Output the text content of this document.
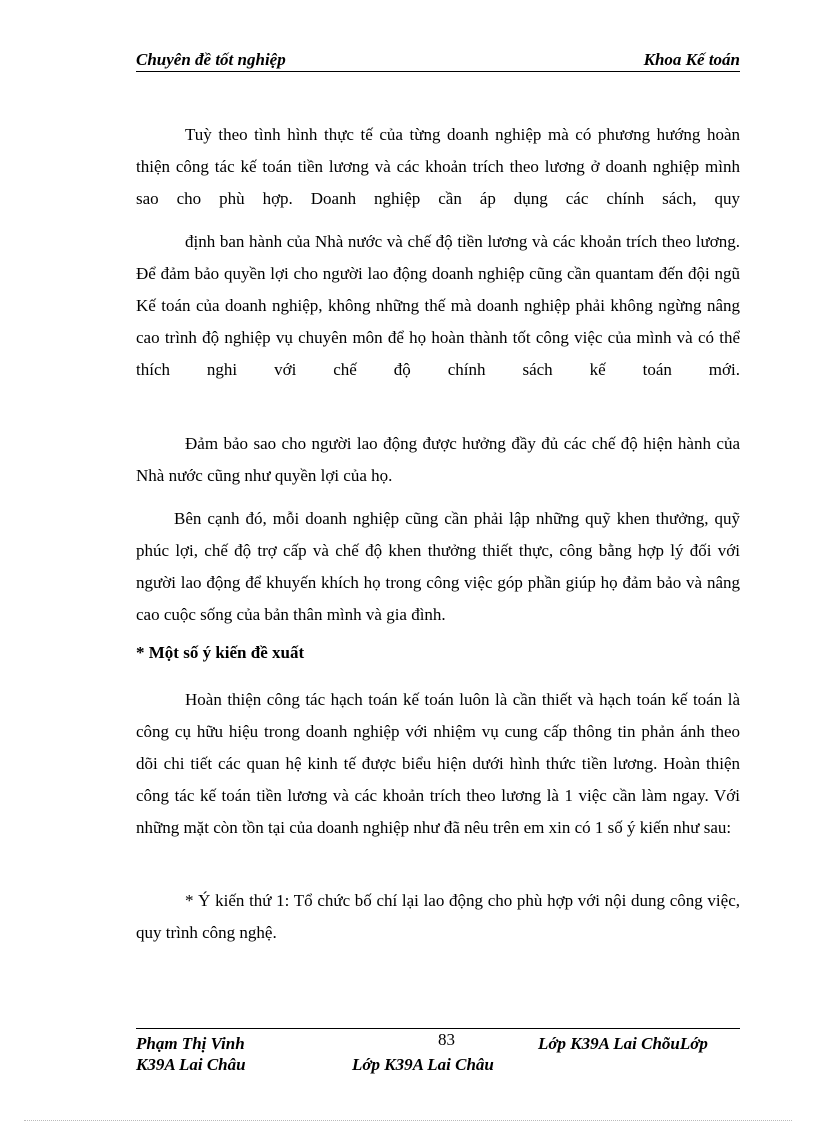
Chuyên đề tốt nghiệp	Khoa Kế toán
Tuỳ theo tình hình thực tế của từng doanh nghiệp mà có phương hướng hoàn thiện công tác kế toán tiền lương và các khoản trích theo lương ở doanh nghiệp mình sao cho phù hợp. Doanh nghiệp cần áp dụng các chính sách, quy
định ban hành của Nhà nước và chế độ tiền lương và các khoản trích theo lương. Để đảm bảo quyền lợi cho người lao động doanh nghiệp cũng cần quantam đến đội ngũ Kế toán của doanh nghiệp, không những thế mà doanh nghiệp phải không ngừng nâng cao trình độ nghiệp vụ chuyên môn để họ hoàn thành tốt công việc của mình và có thể thích nghi với chế độ chính sách kế toán mới.
Đảm bảo sao cho người lao động được hưởng đầy đủ các chế độ hiện hành của Nhà nước cũng như quyền lợi của họ.
Bên cạnh đó, mỗi doanh nghiệp cũng cần phải lập những quỹ khen thưởng, quỹ phúc lợi, chế độ trợ cấp và chế độ khen thưởng thiết thực, công bằng hợp lý đối với người lao động để khuyến khích họ trong công việc góp phần giúp họ đảm bảo và nâng cao cuộc sống của bản thân mình và gia đình.
* Một số ý kiến đề xuất
Hoàn thiện công tác hạch toán kế toán luôn là cần thiết và hạch toán kế toán là công cụ hữu hiệu trong doanh nghiệp với nhiệm vụ cung cấp thông tin phản ánh theo dõi chi tiết các quan hệ kinh tế được biểu hiện dưới hình thức tiền lương. Hoàn thiện công tác kế toán tiền lương và các khoản trích theo lương là 1 việc cần làm ngay. Với những mặt còn tồn tại của doanh nghiệp như đã nêu trên em xin có 1 số ý kiến như sau:
* Ý kiến thứ 1: Tổ chức bố chí lại lao động cho phù hợp với nội dung công việc, quy trình công nghệ.
Phạm Thị Vinh	83	Lớp K39A Lai ChõuLớp
K39A Lai Châu	Lớp K39A Lai Châu
